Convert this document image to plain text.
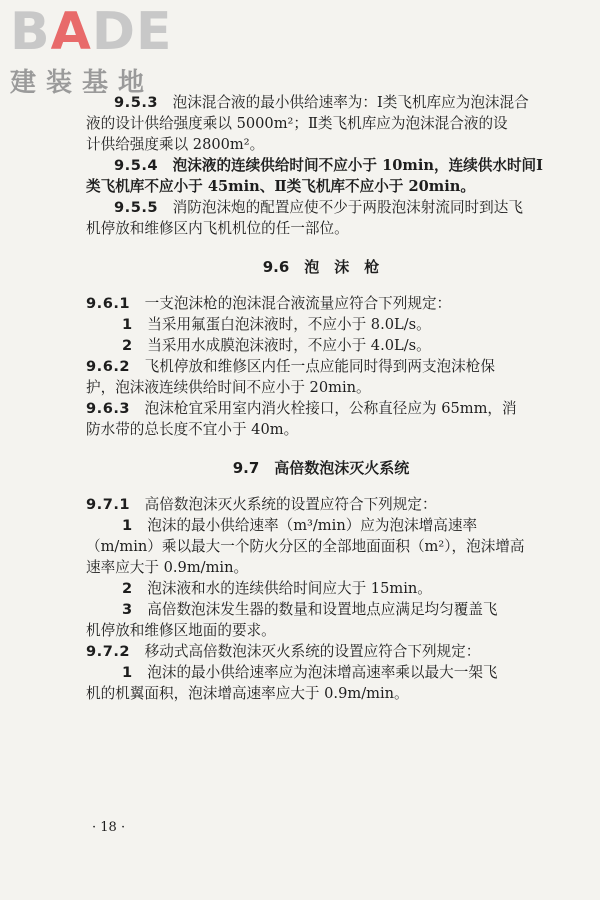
BADE
建装基地
9.5.3　 泡沫混合液的最小供给速率为：Ⅰ类飞机库应为泡沫混合
液的设计供给强度乘以 5000m²；Ⅱ类飞机库应为泡沫混合液的设
计供给强度乘以 2800m²。
9.5.4　 泡沫液的连续供给时间不应小于 10min，连续供水时间Ⅰ
类飞机库不应小于 45min、Ⅱ类飞机库不应小于 20min。
9.5.5　 消防泡沫炮的配置应使不少于两股泡沫射流同时到达飞
机停放和维修区内飞机机位的任一部位。
9.6　泡　沫　枪
9.6.1　 一支泡沫枪的泡沫混合液流量应符合下列规定：
1　 当采用氟蛋白泡沫液时，不应小于 8.0L/s。
2　 当采用水成膜泡沫液时，不应小于 4.0L/s。
9.6.2　 飞机停放和维修区内任一点应能同时得到两支泡沫枪保
护，泡沫液连续供给时间不应小于 20min。
9.6.3　 泡沫枪宜采用室内消火栓接口，公称直径应为 65mm，消
防水带的总长度不宜小于 40m。
9.7　高倍数泡沫灭火系统
9.7.1　 高倍数泡沫灭火系统的设置应符合下列规定：
1　 泡沫的最小供给速率（m³/min）应为泡沫增高速率
（m/min）乘以最大一个防火分区的全部地面面积（m²），泡沫增高
速率应大于 0.9m/min。
2　 泡沫液和水的连续供给时间应大于 15min。
3　 高倍数泡沫发生器的数量和设置地点应满足均匀覆盖飞
机停放和维修区地面的要求。
9.7.2　 移动式高倍数泡沫灭火系统的设置应符合下列规定：
1　 泡沫的最小供给速率应为泡沫增高速率乘以最大一架飞
机的机翼面积，泡沫增高速率应大于 0.9m/min。
· 18 ·
